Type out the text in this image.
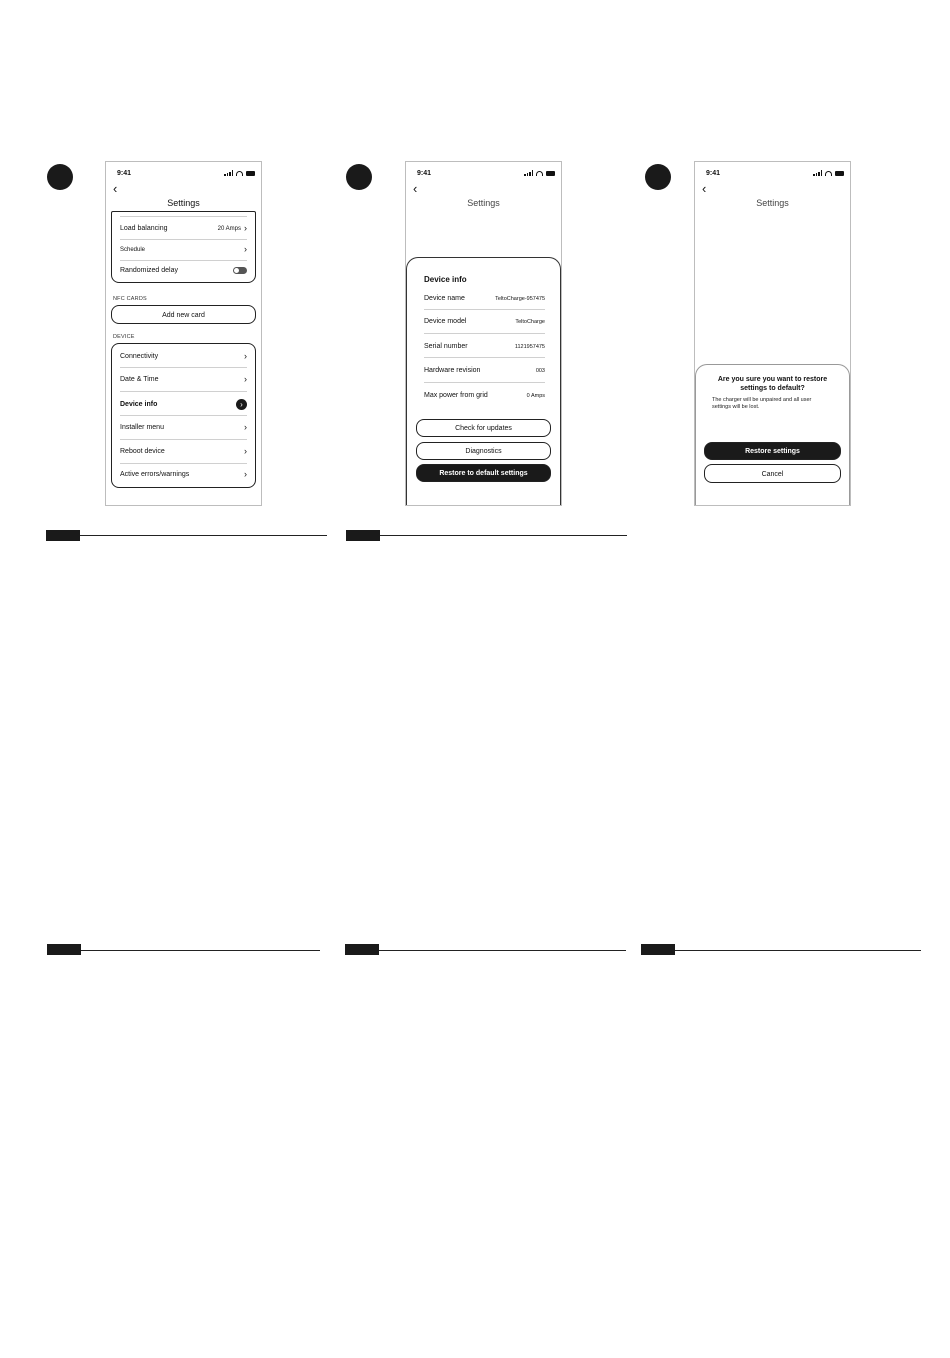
9:41
‹
Settings
Load balancing	20 Amps ›
Schedule	›
Randomized delay
NFC CARDS
Add new card
DEVICE
Connectivity	›
Date & Time	›
Device info	›
Installer menu	›
Reboot device	›
Active errors/warnings	›
9:41
‹
Settings
Device info
Device name	TeltoCharge-957475
Device model	TeltoCharge
Serial number	1121957475
Hardware revision	003
Max power from grid	0 Amps
Check for updates
Diagnostics
Restore to default settings
9:41
‹
Settings
Are you sure you want to restore settings to default?
The charger will be unpaired and all user settings will be lost.
Restore settings
Cancel
